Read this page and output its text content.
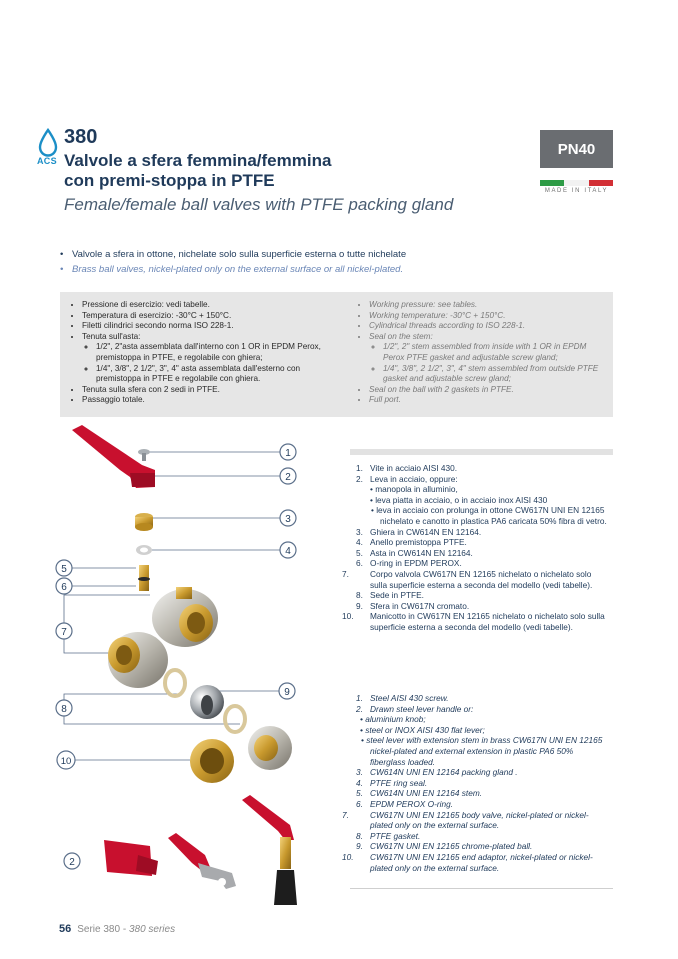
ACS
380
Valvole a sfera femmina/femmina
con premi-stoppa in PTFE
Female/female ball valves with PTFE packing gland
PN40
MADE IN ITALY
• Valvole a sfera in ottone, nichelate solo sulla superficie esterna o tutte nichelate
• Brass ball valves, nickel-plated only on the external surface or all nickel-plated.
• Pressione di esercizio: vedi tabelle.
• Temperatura di esercizio: -30°C + 150°C.
• Filetti cilindrici secondo norma ISO 228-1.
• Tenuta sull'asta:
◦ 1/2", 2"asta assemblata dall'interno con 1 OR in EPDM Perox, premistoppa in PTFE, e regolabile con ghiera;
◦ 1/4", 3/8", 2 1/2", 3", 4" asta assemblata dall'esterno con premistoppa in PTFE e regolabile con ghiera.
• Tenuta sulla sfera con 2 sedi in PTFE.
• Passaggio totale.
• Working pressure: see tables.
• Working temperature: -30°C + 150°C.
• Cylindrical threads according to ISO 228-1.
• Seal on the stem:
◦ 1/2", 2" stem assembled from inside with 1 OR in EPDM Perox PTFE gasket and adjustable screw gland;
◦ 1/4", 3/8", 2 1/2", 3", 4" stem assembled from outside PTFE gasket and adjustable screw gland;
• Seal on the ball with 2 gaskets in PTFE.
• Full port.
1
2
3
4
5
6
7
8
9
10
2
1. Vite in acciaio AISI 430.
2. Leva in acciaio, oppure:
• manopola in alluminio,
• leva piatta in acciaio, o in acciaio inox AISI 430
• leva in acciaio con prolunga in ottone CW617N UNI EN 12165 nichelato e canotto in plastica PA6 caricata 50% fibra di vetro.
3. Ghiera in CW614N EN 12164.
4. Anello premistoppa PTFE.
5. Asta in CW614N EN 12164.
6. O-ring in EPDM PEROX.
7.	Corpo valvola CW617N EN 12165 nichelato o nichelato solo sulla superficie esterna a seconda del modello (vedi tabelle).
8. Sede in PTFE.
9. Sfera in CW617N cromato.
10. Manicotto in CW617N EN 12165 nichelato o nichelato solo sulla superficie esterna a seconda del modello (vedi tabelle).
1. Steel AISI 430 screw.
2. Drawn steel lever handle or:
• aluminium knob;
• steel or INOX AISI 430 flat lever;
• steel lever with extension stem in brass CW617N UNI EN 12165 nickel-plated and external extension in plastic PA6 50% fiberglass loaded.
3. CW614N UNI EN 12164 packing gland .
4. PTFE ring seal.
5. CW614N UNI EN 12164 stem.
6. EPDM PEROX O-ring.
7.	CW617N UNI EN 12165 body valve, nickel-plated or nickel-plated only on the external surface.
8. PTFE gasket.
9. CW617N UNI EN 12165 chrome-plated ball.
10. CW617N UNI EN 12165 end adaptor, nickel-plated or nickel-plated only on the external surface.
56 Serie 380 - 380 series
